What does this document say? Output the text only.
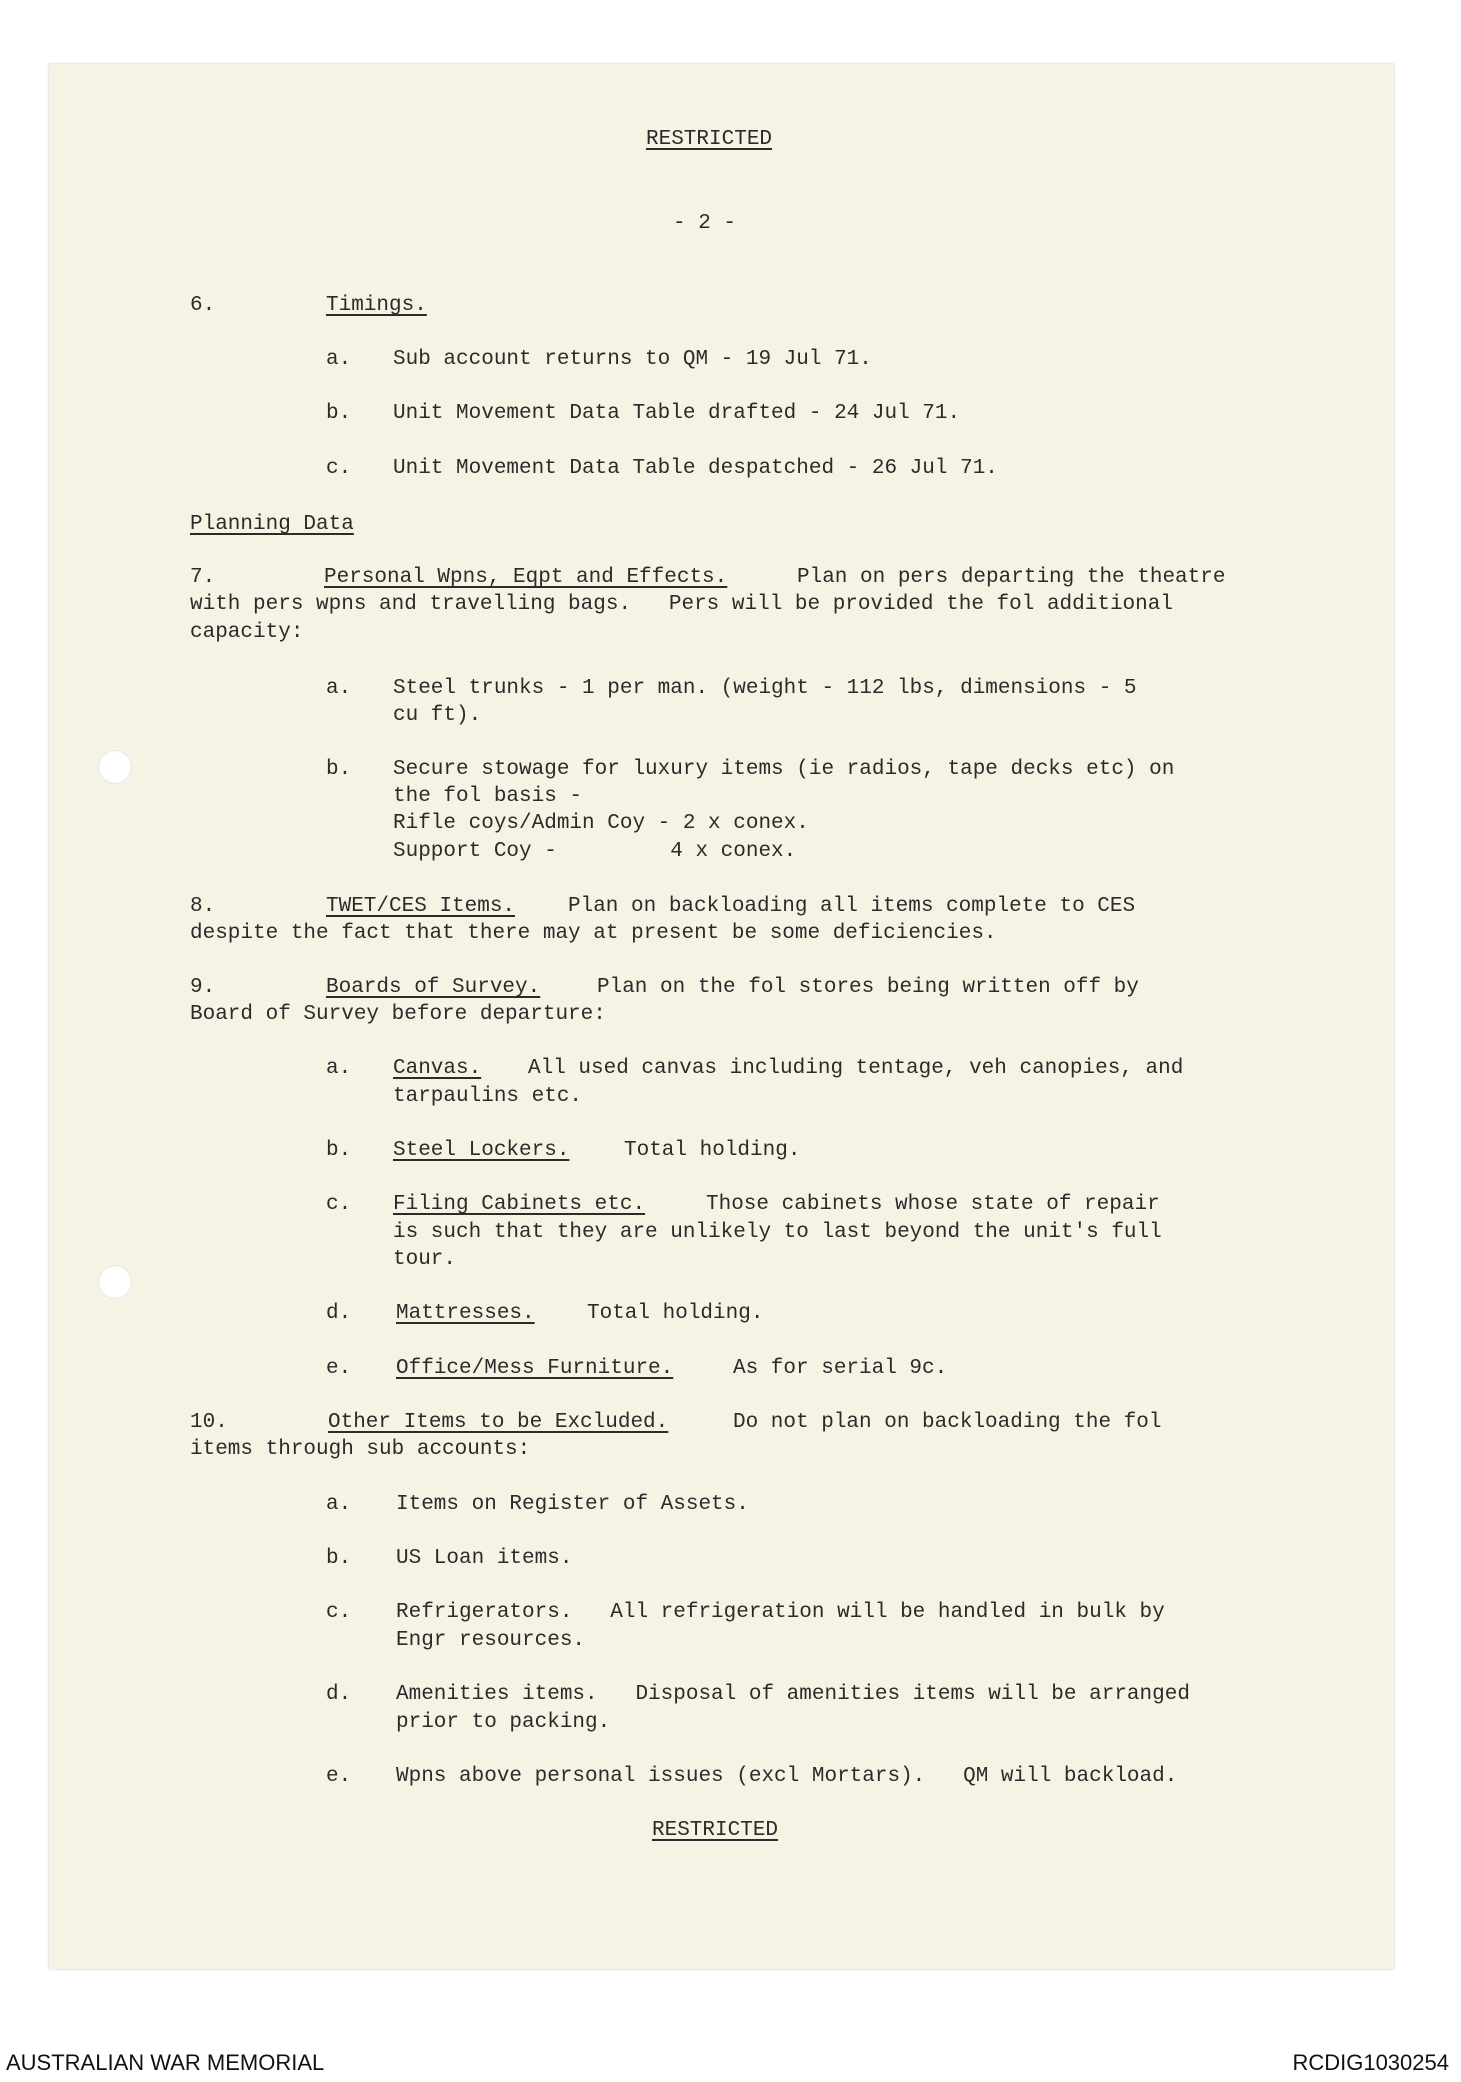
RESTRICTED
- 2 -
6.	Timings.
a. Sub account returns to QM - 19 Jul 71.
b. Unit Movement Data Table drafted - 24 Jul 71.
c. Unit Movement Data Table despatched - 26 Jul 71.
Planning Data
7.	Personal Wpns, Eqpt and Effects.	Plan on pers departing the theatre
with pers wpns and travelling bags.   Pers will be provided the fol additional
capacity:
a. Steel trunks - 1 per man. (weight - 112 lbs, dimensions - 5
cu ft).
b. Secure stowage for luxury items (ie radios, tape decks etc) on
the fol basis -
Rifle coys/Admin Coy - 2 x conex.
Support Coy -         4 x conex.
8.	TWET/CES Items.	Plan on backloading all items complete to CES
despite the fact that there may at present be some deficiencies.
9.	Boards of Survey.	Plan on the fol stores being written off by
Board of Survey before departure:
a. Canvas. All used canvas including tentage, veh canopies, and
tarpaulins etc.
b. Steel Lockers.	Total holding.
c. Filing Cabinets etc.	Those cabinets whose state of repair
is such that they are unlikely to last beyond the unit's full
tour.
d. Mattresses. Total holding.
e. Office/Mess Furniture.	As for serial 9c.
10.	Other Items to be Excluded.	Do not plan on backloading the fol
items through sub accounts:
a. Items on Register of Assets.
b. US Loan items.
c. Refrigerators.   All refrigeration will be handled in bulk by
Engr resources.
d. Amenities items.   Disposal of amenities items will be arranged
prior to packing.
e. Wpns above personal issues (excl Mortars).   QM will backload.
RESTRICTED
AUSTRALIAN WAR MEMORIAL	RCDIG1030254
